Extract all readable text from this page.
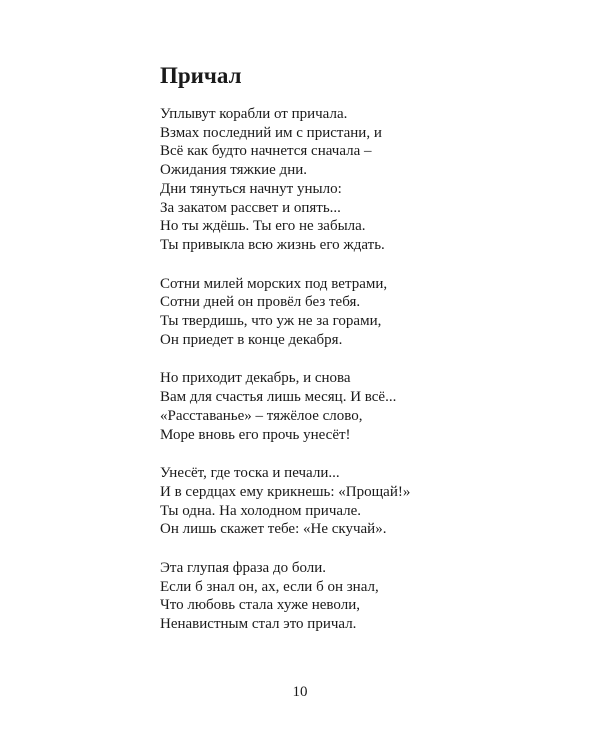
Причал
Уплывут корабли от причала.
Взмах последний им с пристани, и
Всё как будто начнется сначала –
Ожидания тяжкие дни.
Дни тянуться начнут уныло:
За закатом рассвет и опять...
Но ты ждёшь. Ты его не забыла.
Ты привыкла всю жизнь его ждать.
Сотни милей морских под ветрами,
Сотни дней он провёл без тебя.
Ты твердишь, что уж не за горами,
Он приедет в конце декабря.
Но приходит декабрь, и снова
Вам для счастья лишь месяц. И всё...
«Расставанье» – тяжёлое слово,
Море вновь его прочь унесёт!
Унесёт, где тоска и печали...
И в сердцах ему крикнешь: «Прощай!»
Ты одна. На холодном причале.
Он лишь скажет тебе: «Не скучай».
Эта глупая фраза до боли.
Если б знал он, ах, если б он знал,
Что любовь стала хуже неволи,
Ненавистным стал это причал.
10
